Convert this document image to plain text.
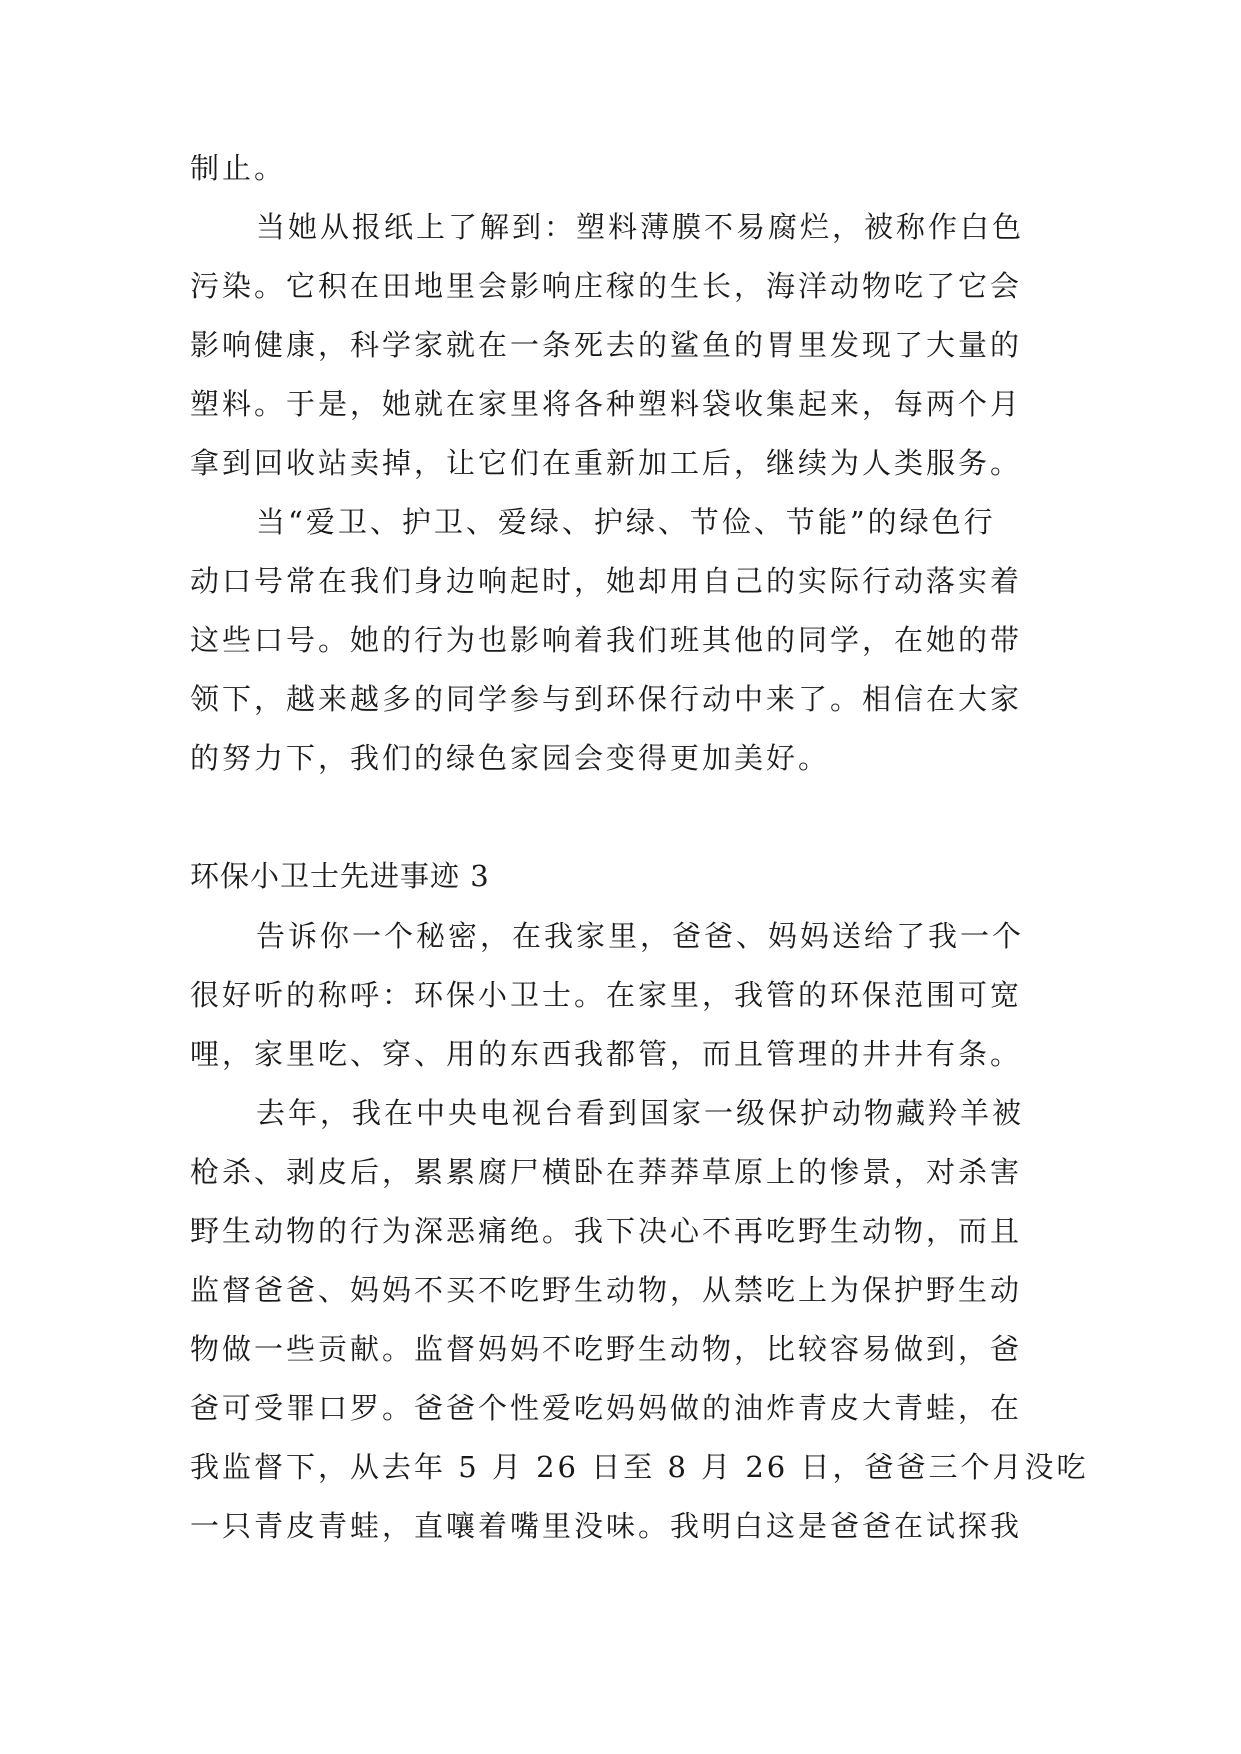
制止。
当她从报纸上了解到：塑料薄膜不易腐烂，被称作白色
污染。它积在田地里会影响庄稼的生长，海洋动物吃了它会
影响健康，科学家就在一条死去的鲨鱼的胃里发现了大量的
塑料。于是，她就在家里将各种塑料袋收集起来，每两个月
拿到回收站卖掉，让它们在重新加工后，继续为人类服务。
当“爱卫、护卫、爱绿、护绿、节俭、节能”的绿色行
动口号常在我们身边响起时，她却用自己的实际行动落实着
这些口号。她的行为也影响着我们班其他的同学，在她的带
领下，越来越多的同学参与到环保行动中来了。相信在大家
的努力下，我们的绿色家园会变得更加美好。
环保小卫士先进事迹 3
告诉你一个秘密，在我家里，爸爸、妈妈送给了我一个
很好听的称呼：环保小卫士。在家里，我管的环保范围可宽
哩，家里吃、穿、用的东西我都管，而且管理的井井有条。
去年，我在中央电视台看到国家一级保护动物藏羚羊被
枪杀、剥皮后，累累腐尸横卧在莽莽草原上的惨景，对杀害
野生动物的行为深恶痛绝。我下决心不再吃野生动物，而且
监督爸爸、妈妈不买不吃野生动物，从禁吃上为保护野生动
物做一些贡献。监督妈妈不吃野生动物，比较容易做到，爸
爸可受罪口罗。爸爸个性爱吃妈妈做的油炸青皮大青蛙，在
我监督下，从去年 5 月 26 日至 8 月 26 日，爸爸三个月没吃
一只青皮青蛙，直嚷着嘴里没味。我明白这是爸爸在试探我
